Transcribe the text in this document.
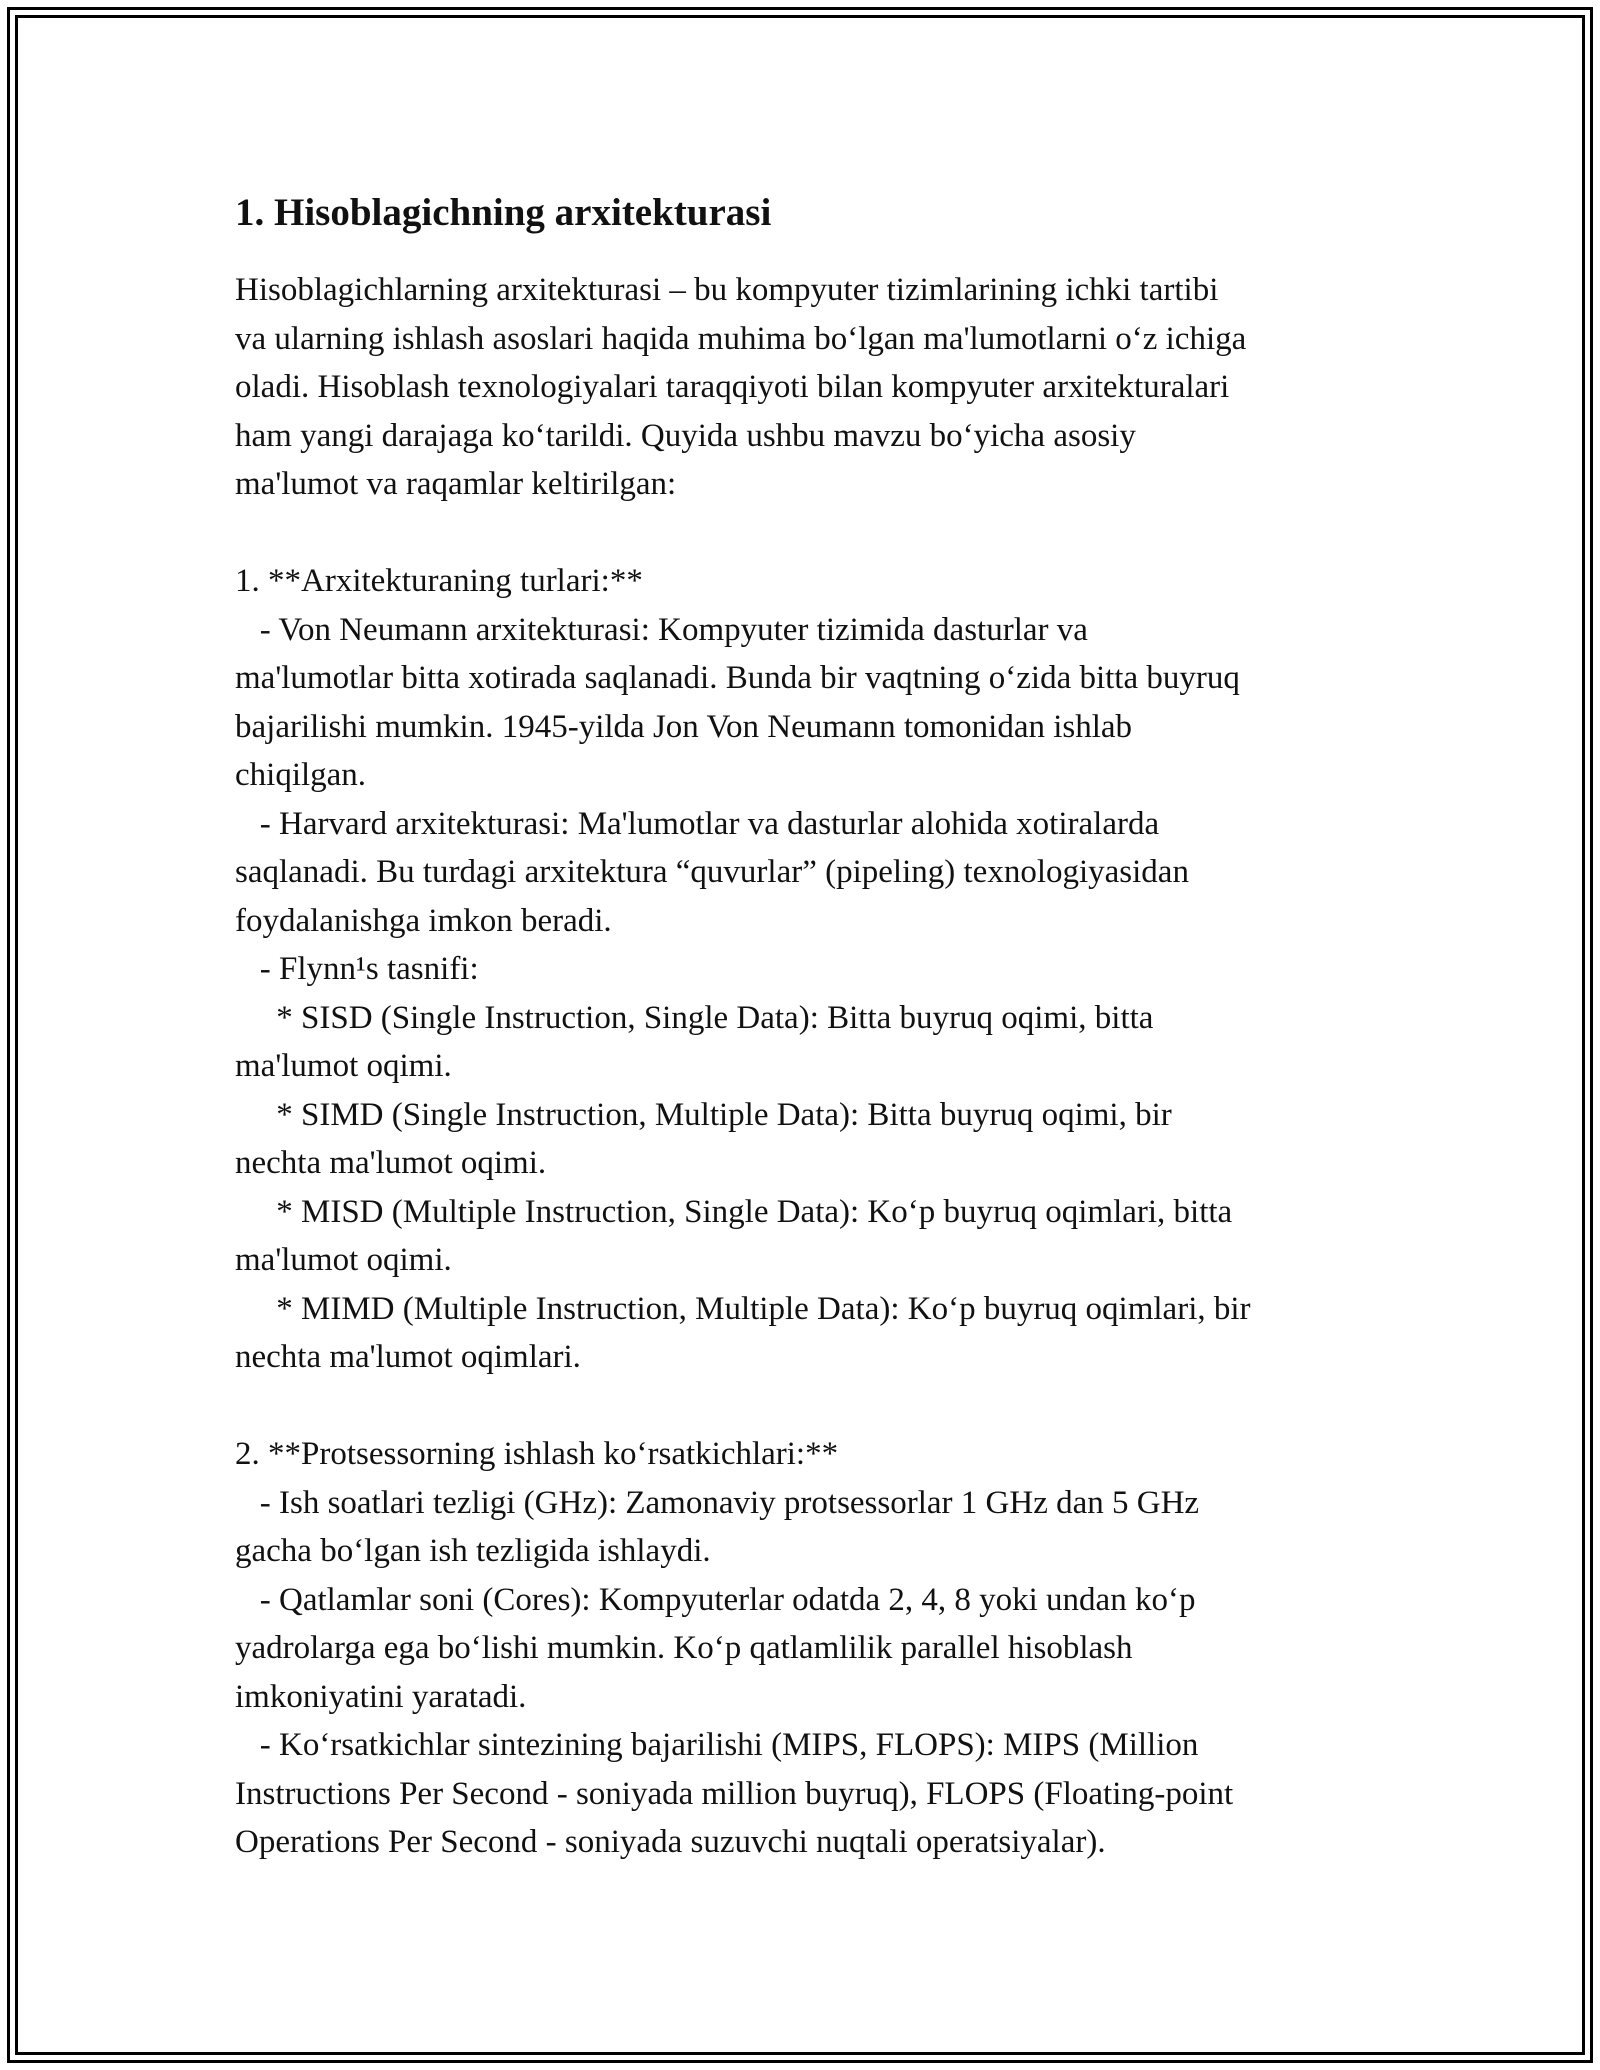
1. Hisoblagichning arxitekturasi

Hisoblagichlarning arxitekturasi – bu kompyuter tizimlarining ichki tartibi

va ularning ishlash asoslari haqida muhima bo‘lgan ma'lumotlarni o‘z ichiga

oladi. Hisoblash texnologiyalari taraqqiyoti bilan kompyuter arxitekturalari

ham yangi darajaga ko‘tarildi. Quyida ushbu mavzu bo‘yicha asosiy

ma'lumot va raqamlar keltirilgan:

1. **Arxitekturaning turlari:**

- Von Neumann arxitekturasi: Kompyuter tizimida dasturlar va

ma'lumotlar bitta xotirada saqlanadi. Bunda bir vaqtning o‘zida bitta buyruq

bajarilishi mumkin. 1945-yilda Jon Von Neumann tomonidan ishlab

chiqilgan.

- Harvard arxitekturasi: Ma'lumotlar va dasturlar alohida xotiralarda

saqlanadi. Bu turdagi arxitektura “quvurlar” (pipeling) texnologiyasidan

foydalanishga imkon beradi.

- Flynn¹s tasnifi:

* SISD (Single Instruction, Single Data): Bitta buyruq oqimi, bitta

ma'lumot oqimi.

* SIMD (Single Instruction, Multiple Data): Bitta buyruq oqimi, bir

nechta ma'lumot oqimi.

* MISD (Multiple Instruction, Single Data): Ko‘p buyruq oqimlari, bitta

ma'lumot oqimi.

* MIMD (Multiple Instruction, Multiple Data): Ko‘p buyruq oqimlari, bir

nechta ma'lumot oqimlari.

2. **Protsessorning ishlash ko‘rsatkichlari:**

- Ish soatlari tezligi (GHz): Zamonaviy protsessorlar 1 GHz dan 5 GHz

gacha bo‘lgan ish tezligida ishlaydi.

- Qatlamlar soni (Cores): Kompyuterlar odatda 2, 4, 8 yoki undan ko‘p

yadrolarga ega bo‘lishi mumkin. Ko‘p qatlamlilik parallel hisoblash

imkoniyatini yaratadi.

- Ko‘rsatkichlar sintezining bajarilishi (MIPS, FLOPS): MIPS (Million

Instructions Per Second - soniyada million buyruq), FLOPS (Floating-point

Operations Per Second - soniyada suzuvchi nuqtali operatsiyalar).
